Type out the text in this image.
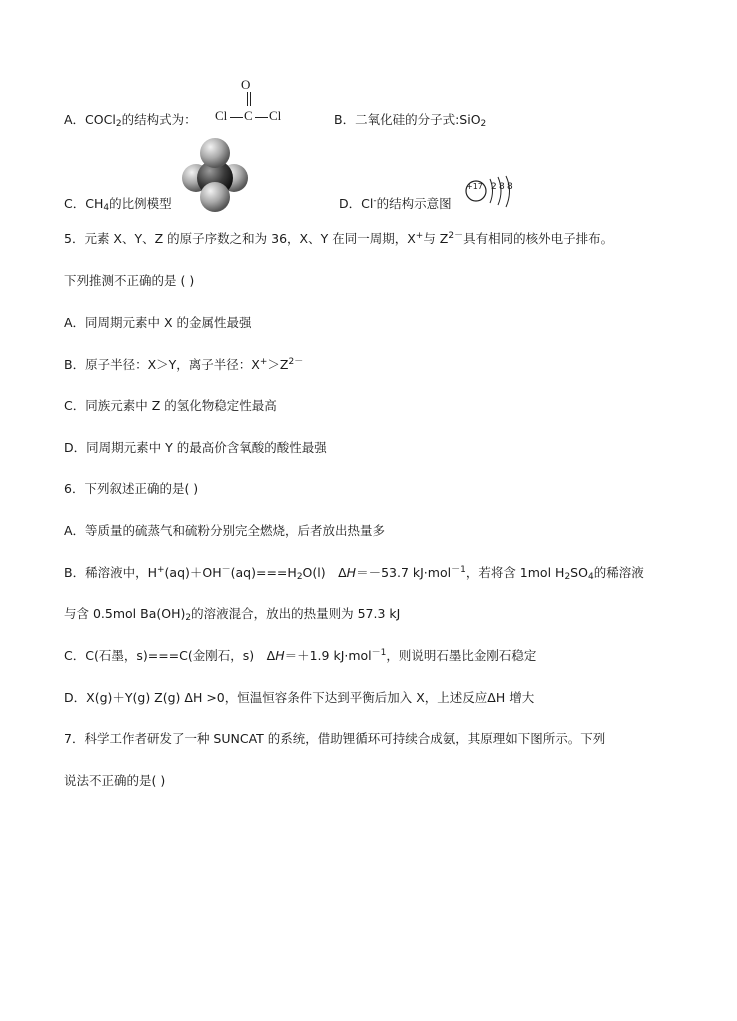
A．COCl$_2$的结构式为：
O
Cl C Cl	B．二氧化硅的分子式:SiO$_2$
C．$CH_4$的比例模型	D．Cl-的结构示意图
+17 2 8 8
5．元素 X、Y、Z 的原子序数之和为 36，X、Y 在同一周期，X+与 $Z^{2-}$具有相同的核外电子排布。
下列推测不正确的是 ( )
A．同周期元素中 X 的金属性最强
B．原子半径：X＞Y，离子半径：$X^+>Z^{2-}$
C．同族元素中 Z 的氢化物稳定性最高
D．同周期元素中 Y 的最高价含氧酸的酸性最强
6．下列叙述正确的是( )
A．等质量的硫蒸气和硫粉分别完全燃烧，后者放出热量多
B．稀溶液中，$H^+(aq)+OH^-(aq)===H_2O(l)$　ΔH＝－53.7 kJ·mol$^{-1}$，若将含 1mol $H_2SO_4$的稀溶液
与含 0.5mol $Ba(OH)_2$的溶液混合，放出的热量则为 57.3 kJ
C．C(石墨，s)===C(金刚石，s)　ΔH＝＋1.9 kJ·mol$^{-1}$，则说明石墨比金刚石稳定
D．X(g)＋Y(g) Z(g) ΔH >0，恒温恒容条件下达到平衡后加入 X，上述反应ΔH 增大
7．科学工作者研发了一种 SUNCAT 的系统，借助锂循环可持续合成氨，其原理如下图所示。下列
说法不正确的是( )
